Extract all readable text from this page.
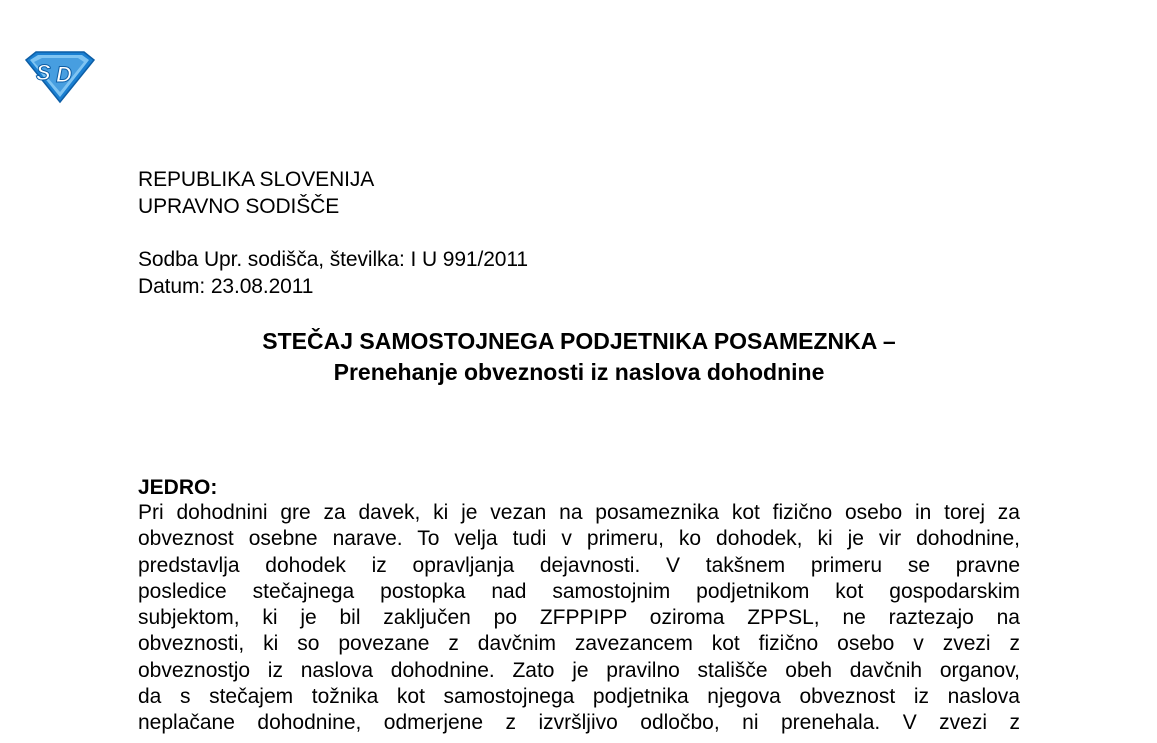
S D
REPUBLIKA SLOVENIJA
UPRAVNO SODIŠČE
Sodba Upr. sodišča, številka: I U 991/2011
Datum: 23.08.2011
STEČAJ SAMOSTOJNEGA PODJETNIKA POSAMEZNKA –
Prenehanje obveznosti iz naslova dohodnine
JEDRO:
Pri dohodnini gre za davek, ki je vezan na posameznika kot fizično osebo in torej za
obveznost osebne narave. To velja tudi v primeru, ko dohodek, ki je vir dohodnine,
predstavlja dohodek iz opravljanja dejavnosti. V takšnem primeru se pravne
posledice stečajnega postopka nad samostojnim podjetnikom kot gospodarskim
subjektom, ki je bil zaključen po ZFPPIPP oziroma ZPPSL, ne raztezajo na
obveznosti, ki so povezane z davčnim zavezancem kot fizično osebo v zvezi z
obveznostjo iz naslova dohodnine. Zato je pravilno stališče obeh davčnih organov,
da s stečajem tožnika kot samostojnega podjetnika njegova obveznost iz naslova
neplačane dohodnine, odmerjene z izvršljivo odločbo, ni prenehala. V zvezi z
